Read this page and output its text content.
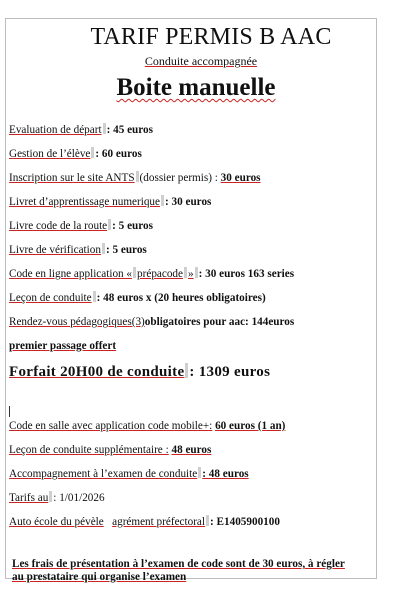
TARIF PERMIS B AAC
Conduite accompagnée
Boite manuelle
Evaluation de départ : 45 euros
Gestion de l’élève : 60 euros
Inscription sur le site ANTS (dossier permis) : 30 euros
Livret d’apprentissage numerique : 30 euros
Livre code de la route : 5 euros
Livre de vérification : 5 euros
Code en ligne application « prépacode » : 30 euros 163 series
Leçon de conduite : 48 euros x (20 heures obligatoires)
Rendez-vous pédagogiques(3)obligatoires pour aac: 144euros
premier passage offert
Forfait 20H00 de conduite : 1309 euros
Code en salle avec application code mobile+: 60 euros (1 an)
Leçon de conduite supplémentaire : 48 euros
Accompagnement à l’examen de conduite : 48 euros
Tarifs au : 1/01/2026
Auto école du pévèle agrément préfectoral : E1405900100
Les frais de présentation à l’examen de code sont de 30 euros, à régler au prestataire qui organise l’examen
